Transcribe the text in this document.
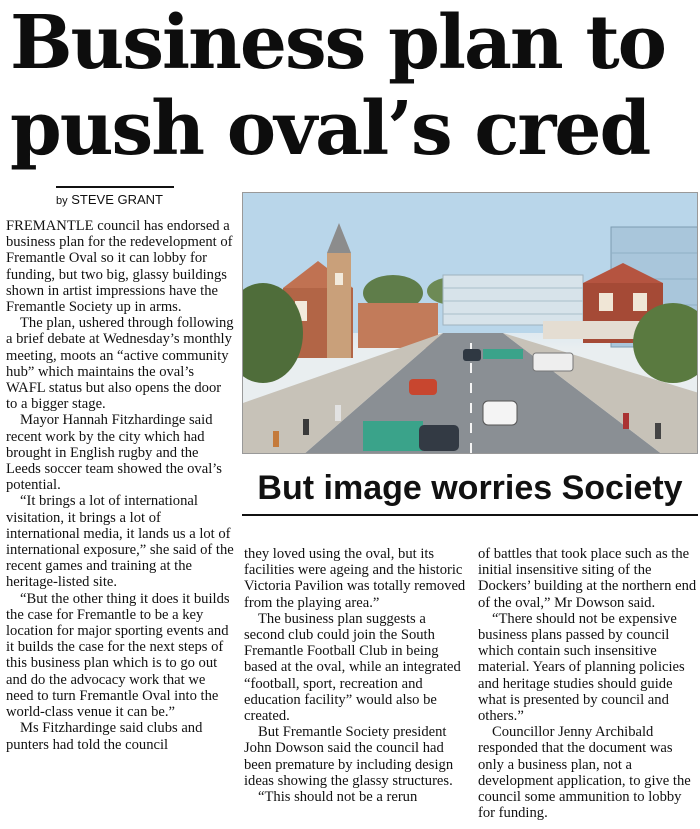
Business plan to
push oval’s cred
by STEVE GRANT
But image worries Society

FREMANTLE council has endorsed a business plan for the redevelopment of Fremantle Oval so it can lobby for funding, but two big, glassy buildings shown in artist impressions have the Fremantle Society up in arms.

The plan, ushered through following a brief debate at Wednesday’s monthly meeting, moots an “active community hub” which maintains the oval’s WAFL status but also opens the door to a bigger stage.

Mayor Hannah Fitzhardinge said recent work by the city which had brought in English rugby and the Leeds soccer team showed the oval’s potential.

“It brings a lot of international visitation, it brings a lot of international media, it lands us a lot of international exposure,” she said of the recent games and training at the heritage-listed site.

“But the other thing it does it builds the case for Fremantle to be a key location for major sporting events and it builds the case for the next steps of this business plan which is to go out and do the advocacy work that we need to turn Fremantle Oval into the world-class venue it can be.”

Ms Fitzhardinge said clubs and punters had told the council

they loved using the oval, but its facilities were ageing and the historic Victoria Pavilion was totally removed from the playing area.”

The business plan suggests a second club could join the South Fremantle Football Club in being based at the oval, while an integrated “football, sport, recreation and education facility” would also be created.

But Fremantle Society president John Dowson said the council had been premature by including design ideas showing the glassy structures.

“This should not be a rerun

of battles that took place such as the initial insensitive siting of the Dockers’ building at the northern end of the oval,” Mr Dowson said.

“There should not be expensive business plans passed by council which contain such insensitive material. Years of planning policies and heritage studies should guide what is presented by council and others.”

Councillor Jenny Archibald responded that the document was only a business plan, not a development application, to give the council some ammunition to lobby for funding.
